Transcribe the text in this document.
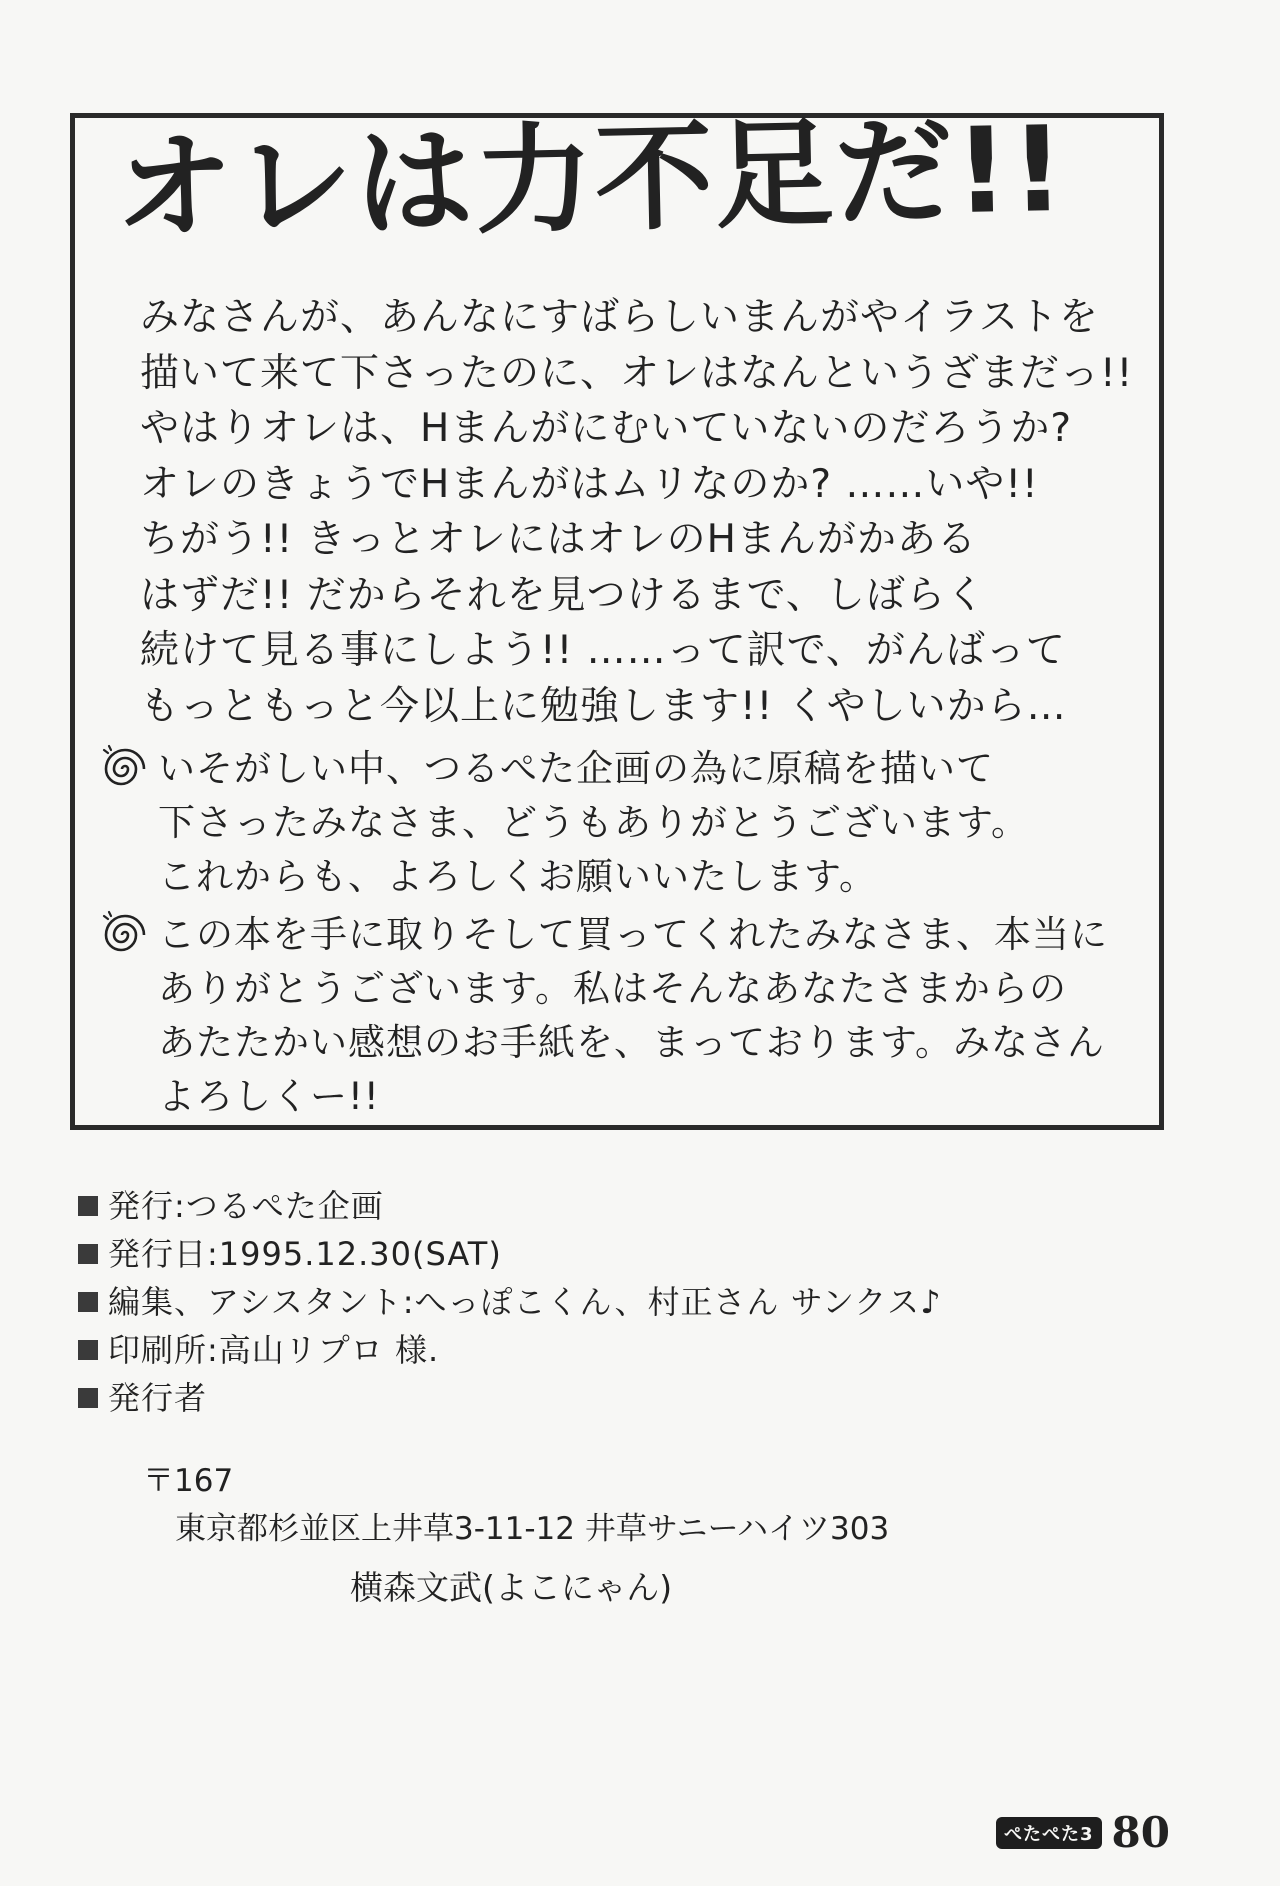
オレは力不足だ!!
みなさんが、あんなにすばらしいまんがやイラストを
描いて来て下さったのに、オレはなんというざまだっ!!
やはりオレは、Hまんがにむいていないのだろうか?
オレのきょうでHまんがはムリなのか? ……いや!!
ちがう!! きっとオレにはオレのHまんがかある
はずだ!! だからそれを見つけるまで、しばらく
続けて見る事にしよう!! ……って訳で、がんばって
もっともっと今以上に勉強します!! くやしいから…
いそがしい中、つるぺた企画の為に原稿を描いて
下さったみなさま、どうもありがとうございます。
これからも、よろしくお願いいたします。
この本を手に取りそして買ってくれたみなさま、本当に
ありがとうございます。私はそんなあなたさまからの
あたたかい感想のお手紙を、まっております。みなさん
よろしくー!!
発行:つるぺた企画
発行日:1995.12.30(SAT)
編集、アシスタント:へっぽこくん、村正さん サンクス♪
印刷所:高山リプロ 様.
発行者
〒167
東京都杉並区上井草3-11-12 井草サニーハイツ303
横森文武(よこにゃん)
ぺたぺた3 80
